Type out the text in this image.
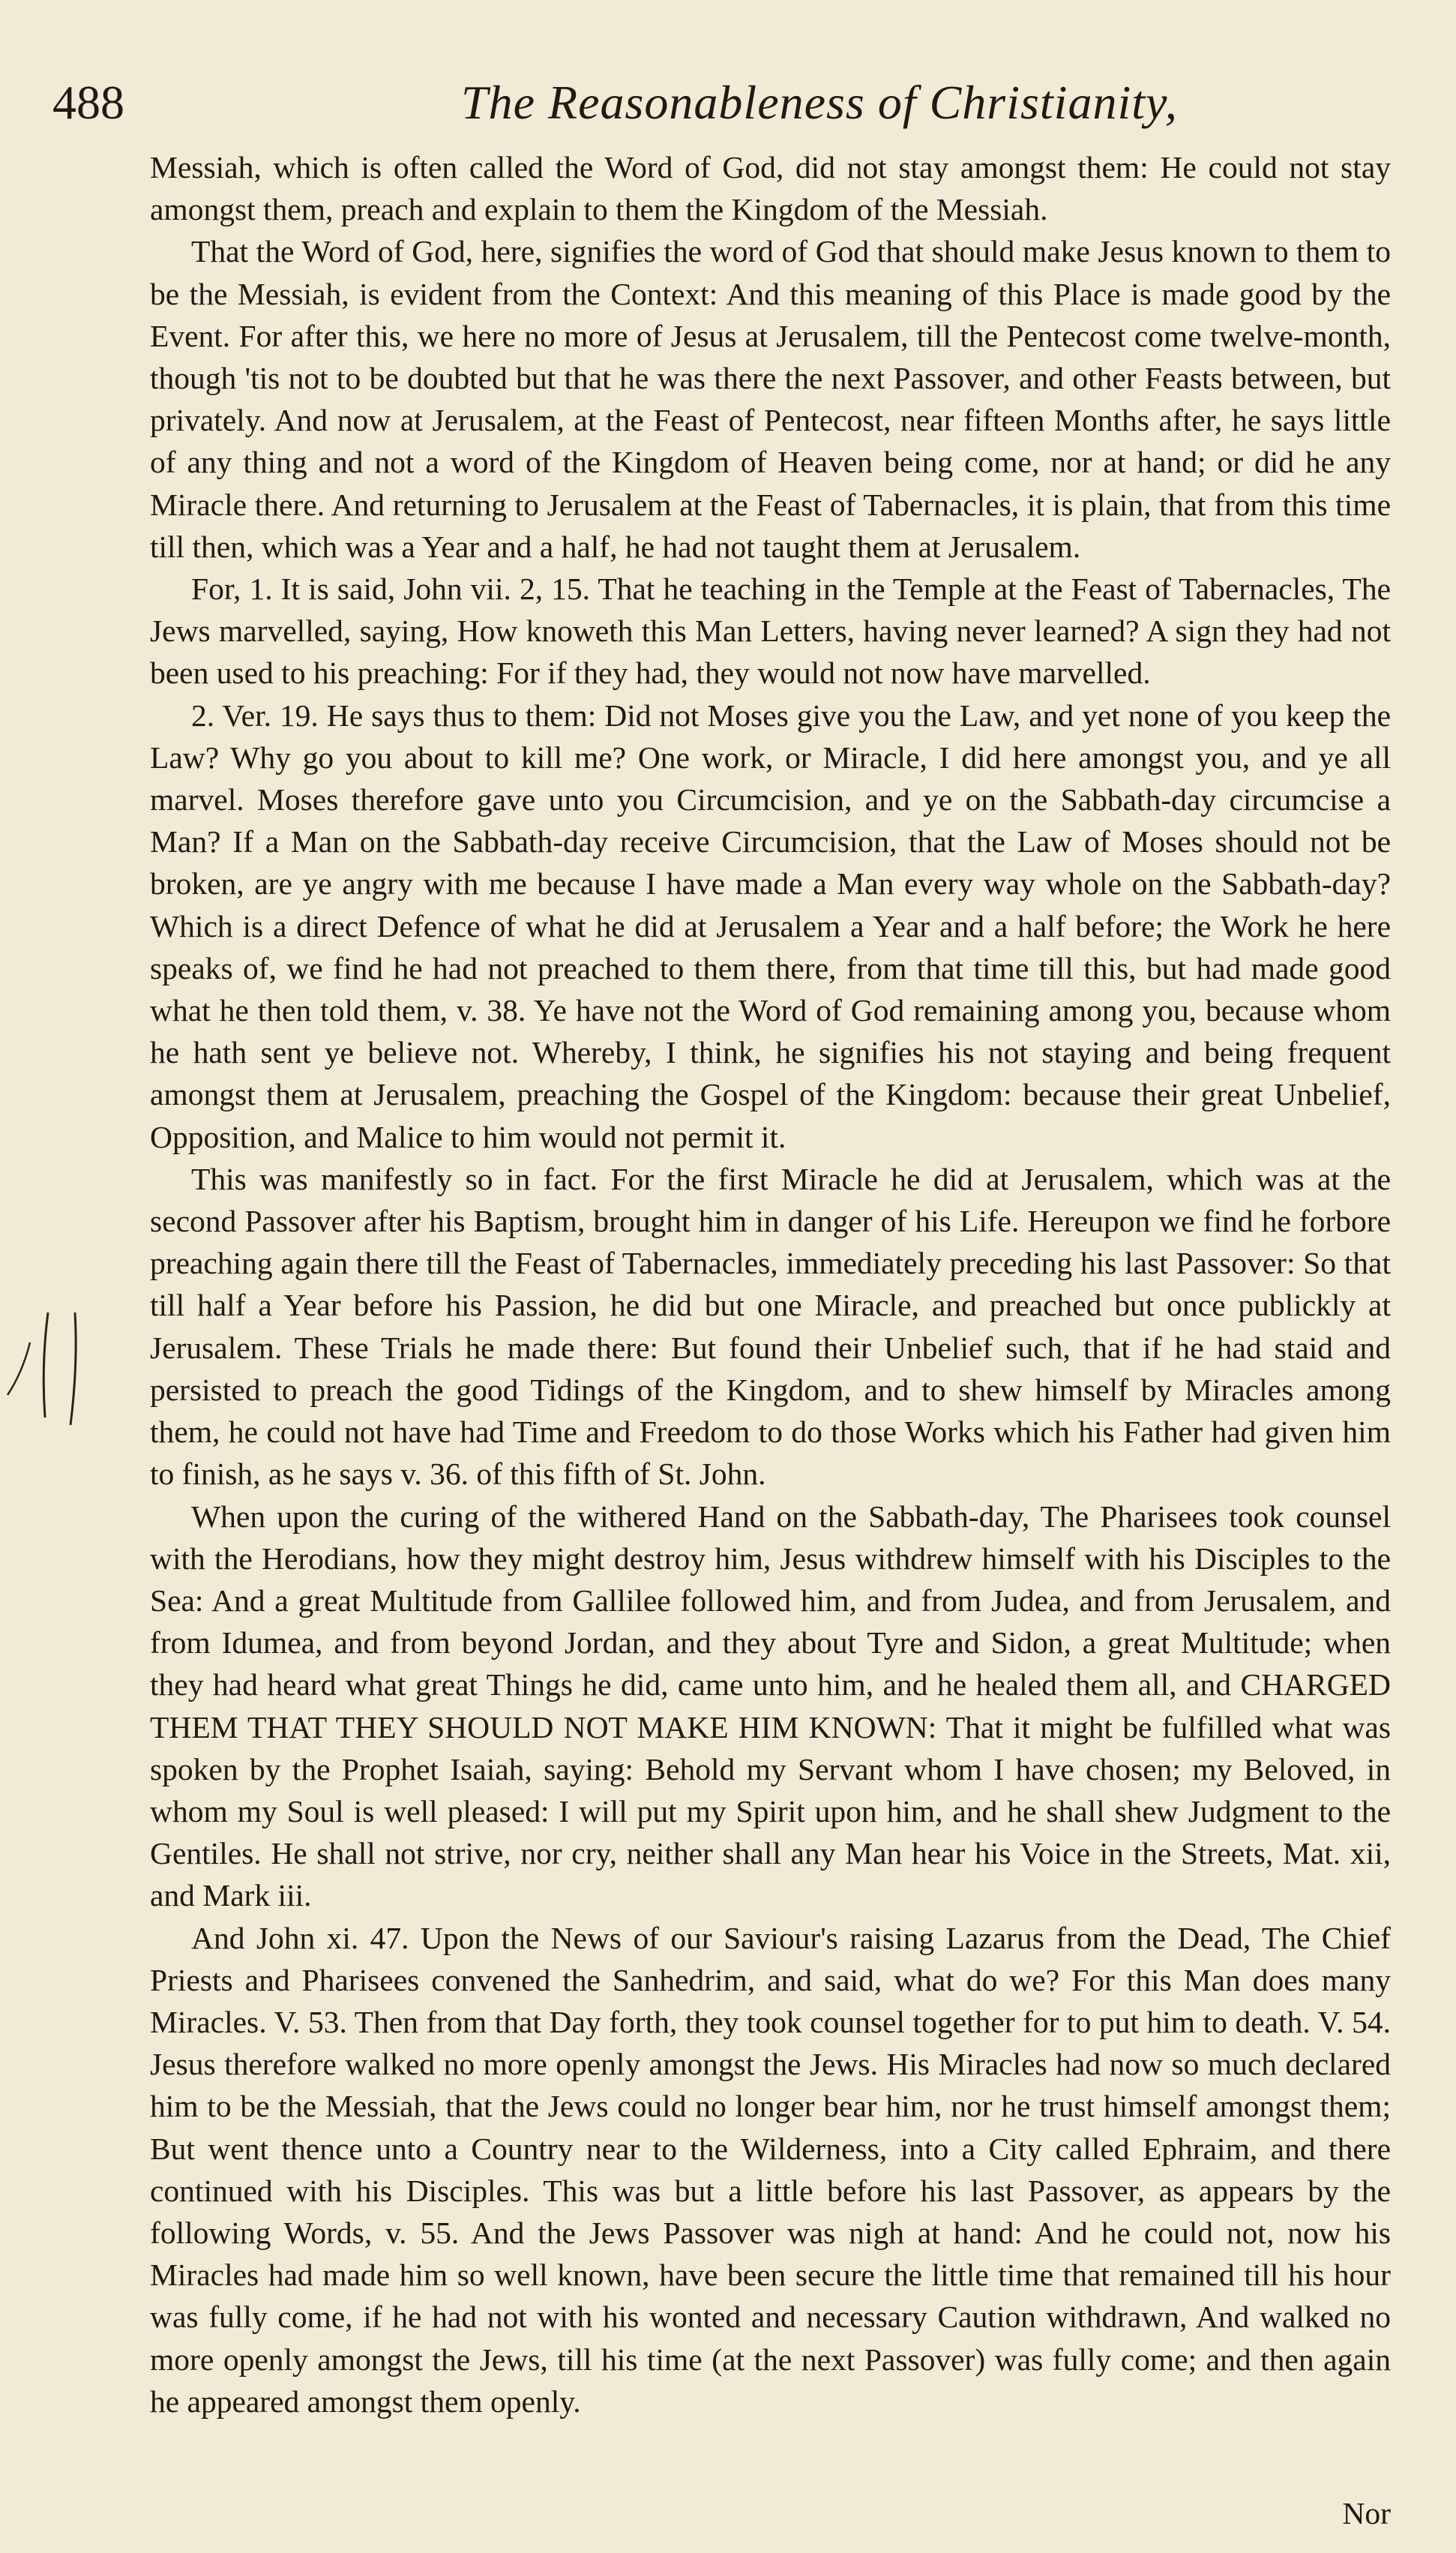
488	The Reasonableness of Christianity,

Messiah, which is often called the Word of God, did not stay amongst them: He could not stay amongst them, preach and explain to them the Kingdom of the Messiah.

That the Word of God, here, signifies the word of God that should make Jesus known to them to be the Messiah, is evident from the Context: And this meaning of this Place is made good by the Event. For after this, we here no more of Jesus at Jerusalem, till the Pentecost come twelve-month, though 'tis not to be doubted but that he was there the next Passover, and other Feasts between, but privately. And now at Jerusalem, at the Feast of Pentecost, near fifteen Months after, he says little of any thing and not a word of the Kingdom of Heaven being come, nor at hand; or did he any Miracle there. And returning to Jerusalem at the Feast of Tabernacles, it is plain, that from this time till then, which was a Year and a half, he had not taught them at Jerusalem.

For, 1. It is said, John vii. 2, 15. That he teaching in the Temple at the Feast of Tabernacles, The Jews marvelled, saying, How knoweth this Man Letters, having never learned? A sign they had not been used to his preaching: For if they had, they would not now have marvelled.

2. Ver. 19. He says thus to them: Did not Moses give you the Law, and yet none of you keep the Law? Why go you about to kill me? One work, or Miracle, I did here amongst you, and ye all marvel. Moses therefore gave unto you Circumcision, and ye on the Sabbath-day circumcise a Man? If a Man on the Sabbath-day receive Circumcision, that the Law of Moses should not be broken, are ye angry with me because I have made a Man every way whole on the Sabbath-day? Which is a direct Defence of what he did at Jerusalem a Year and a half before; the Work he here speaks of, we find he had not preached to them there, from that time till this, but had made good what he then told them, v. 38. Ye have not the Word of God remaining among you, because whom he hath sent ye believe not. Whereby, I think, he signifies his not staying and being frequent amongst them at Jerusalem, preaching the Gospel of the Kingdom: because their great Unbelief, Opposition, and Malice to him would not permit it.

This was manifestly so in fact. For the first Miracle he did at Jerusalem, which was at the second Passover after his Baptism, brought him in danger of his Life. Hereupon we find he forbore preaching again there till the Feast of Tabernacles, immediately preceding his last Passover: So that till half a Year before his Passion, he did but one Miracle, and preached but once publickly at Jerusalem. These Trials he made there: But found their Unbelief such, that if he had staid and persisted to preach the good Tidings of the Kingdom, and to shew himself by Miracles among them, he could not have had Time and Freedom to do those Works which his Father had given him to finish, as he says v. 36. of this fifth of St. John.

When upon the curing of the withered Hand on the Sabbath-day, The Pharisees took counsel with the Herodians, how they might destroy him, Jesus withdrew himself with his Disciples to the Sea: And a great Multitude from Gallilee followed him, and from Judea, and from Jerusalem, and from Idumea, and from beyond Jordan, and they about Tyre and Sidon, a great Multitude; when they had heard what great Things he did, came unto him, and he healed them all, and CHARGED THEM THAT THEY SHOULD NOT MAKE HIM KNOWN: That it might be fulfilled what was spoken by the Prophet Isaiah, saying: Behold my Servant whom I have chosen; my Beloved, in whom my Soul is well pleased: I will put my Spirit upon him, and he shall shew Judgment to the Gentiles. He shall not strive, nor cry, neither shall any Man hear his Voice in the Streets, Mat. xii, and Mark iii.

And John xi. 47. Upon the News of our Saviour's raising Lazarus from the Dead, The Chief Priests and Pharisees convened the Sanhedrim, and said, what do we? For this Man does many Miracles. V. 53. Then from that Day forth, they took counsel together for to put him to death. V. 54. Jesus therefore walked no more openly amongst the Jews. His Miracles had now so much declared him to be the Messiah, that the Jews could no longer bear him, nor he trust himself amongst them; But went thence unto a Country near to the Wilderness, into a City called Ephraim, and there continued with his Disciples. This was but a little before his last Passover, as appears by the following Words, v. 55. And the Jews Passover was nigh at hand: And he could not, now his Miracles had made him so well known, have been secure the little time that remained till his hour was fully come, if he had not with his wonted and necessary Caution withdrawn, And walked no more openly amongst the Jews, till his time (at the next Passover) was fully come; and then again he appeared amongst them openly.

Nor
